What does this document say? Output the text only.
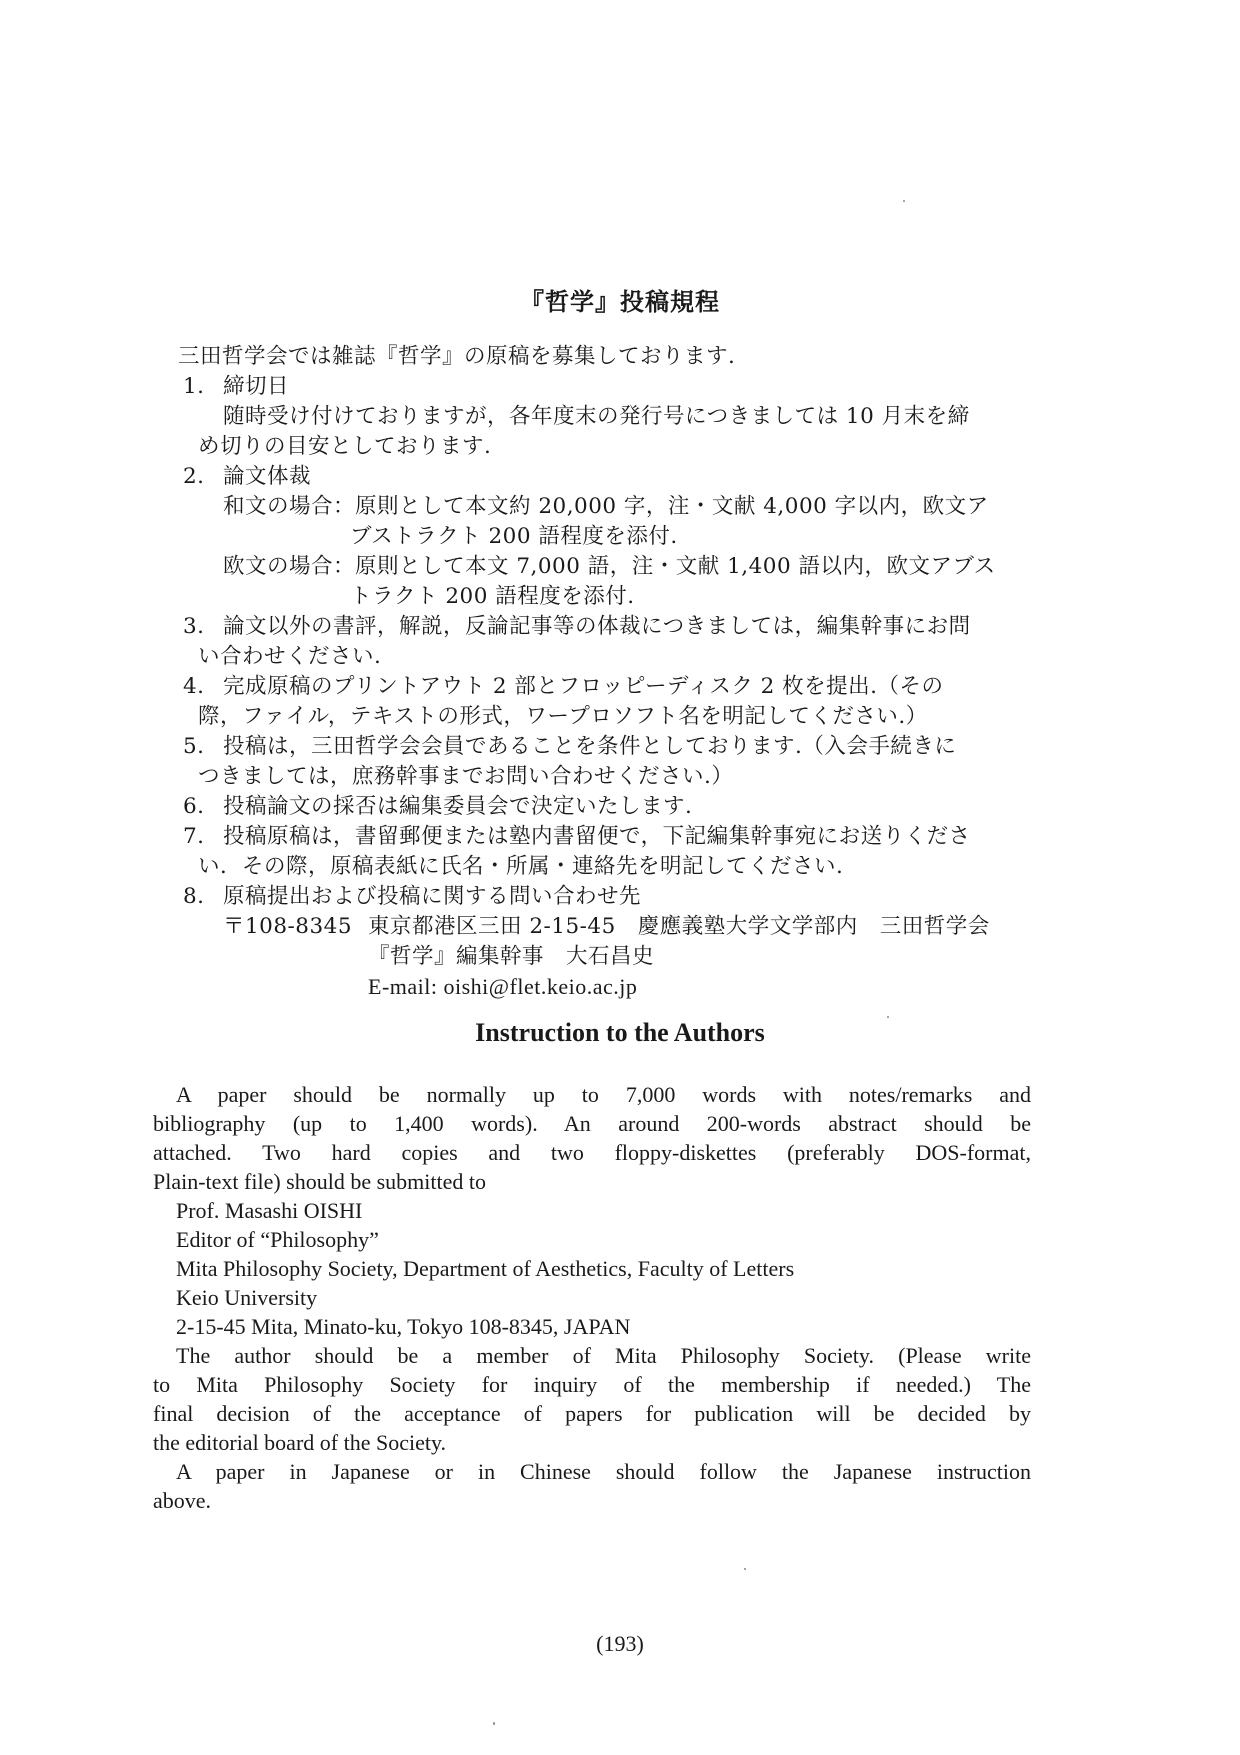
『哲学』投稿規程
三田哲学会では雑誌『哲学』の原稿を募集しております.
1. 締切日
随時受け付けておりますが，各年度末の発行号につきましては 10 月末を締
め切りの目安としております.
2. 論文体裁
和文の場合：原則として本文約 20,000 字，注・文献 4,000 字以内，欧文ア
ブストラクト 200 語程度を添付.
欧文の場合：原則として本文 7,000 語，注・文献 1,400 語以内，欧文アブス
トラクト 200 語程度を添付.
3. 論文以外の書評，解説，反論記事等の体裁につきましては，編集幹事にお問
い合わせください.
4. 完成原稿のプリントアウト 2 部とフロッピーディスク 2 枚を提出.（その
際，ファイル，テキストの形式，ワープロソフト名を明記してください.）
5. 投稿は，三田哲学会会員であることを条件としております.（入会手続きに
つきましては，庶務幹事までお問い合わせください.）
6. 投稿論文の採否は編集委員会で決定いたします.
7. 投稿原稿は，書留郵便または塾内書留便で，下記編集幹事宛にお送りくださ
い．その際，原稿表紙に氏名・所属・連絡先を明記してください.
8. 原稿提出および投稿に関する問い合わせ先
〒108-8345 東京都港区三田 2-15-45　慶應義塾大学文学部内　三田哲学会
『哲学』編集幹事　大石昌史
E-mail: oishi@flet.keio.ac.jp
Instruction to the Authors
A paper should be normally up to 7,000 words with notes/remarks and
bibliography (up to 1,400 words). An around 200-words abstract should be
attached. Two hard copies and two floppy-diskettes (preferably DOS-format,
Plain-text file) should be submitted to
Prof. Masashi OISHI
Editor of “Philosophy”
Mita Philosophy Society, Department of Aesthetics, Faculty of Letters
Keio University
2-15-45 Mita, Minato-ku, Tokyo 108-8345, JAPAN
The author should be a member of Mita Philosophy Society. (Please write
to Mita Philosophy Society for inquiry of the membership if needed.) The
final decision of the acceptance of papers for publication will be decided by
the editorial board of the Society.
A paper in Japanese or in Chinese should follow the Japanese instruction
above.
(193)
